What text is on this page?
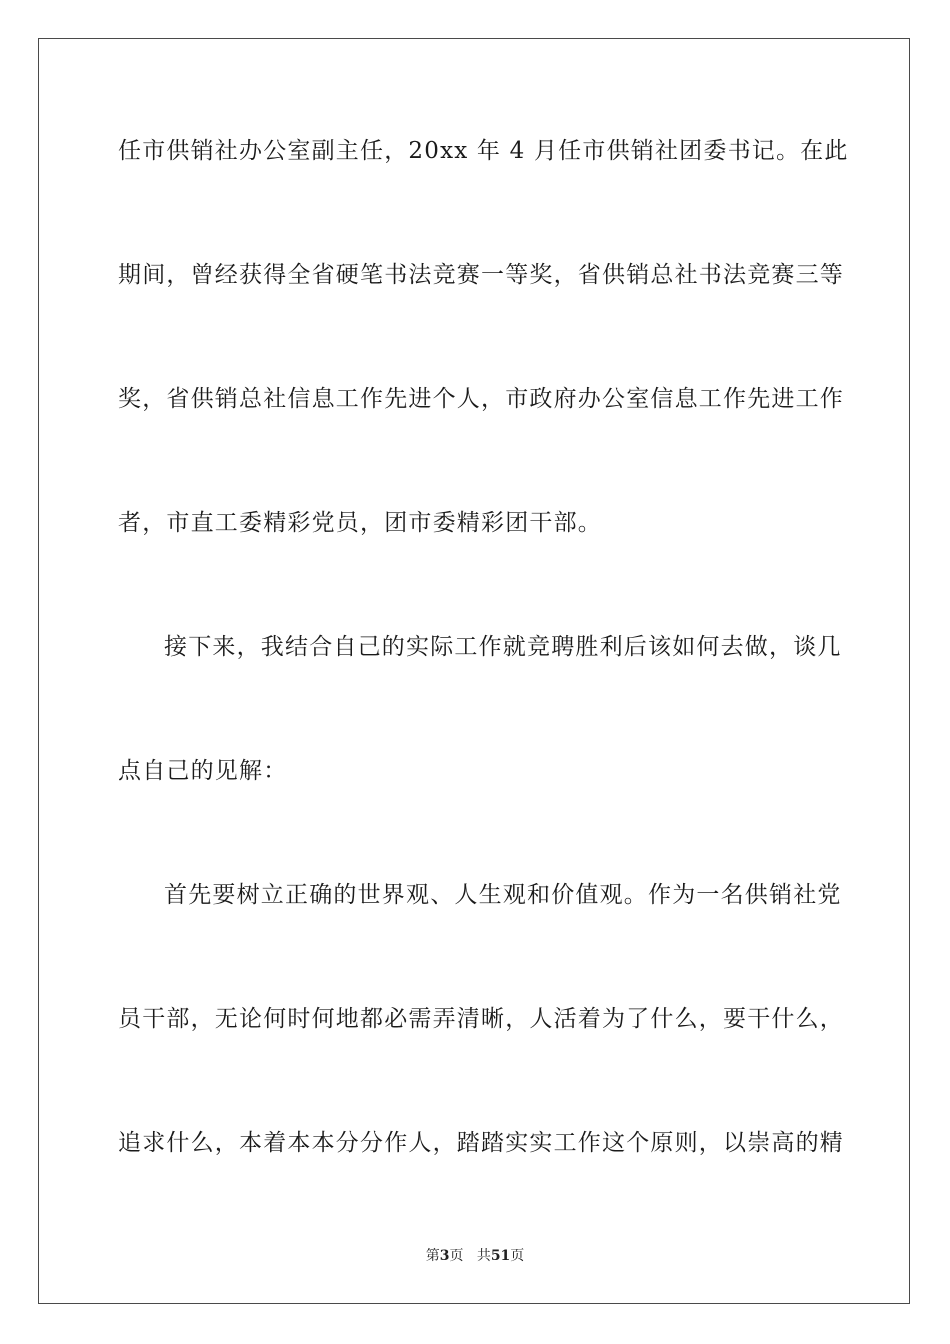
任市供销社办公室副主任，20xx 年 4 月任市供销社团委书记。在此
期间，曾经获得全省硬笔书法竞赛一等奖，省供销总社书法竞赛三等
奖，省供销总社信息工作先进个人，市政府办公室信息工作先进工作
者，市直工委精彩党员，团市委精彩团干部。
接下来，我结合自己的实际工作就竞聘胜利后该如何去做，谈几
点自己的见解：
首先要树立正确的世界观、人生观和价值观。作为一名供销社党
员干部，无论何时何地都必需弄清晰，人活着为了什么，要干什么，
追求什么，本着本本分分作人，踏踏实实工作这个原则，以崇高的精
第3页 共51页
